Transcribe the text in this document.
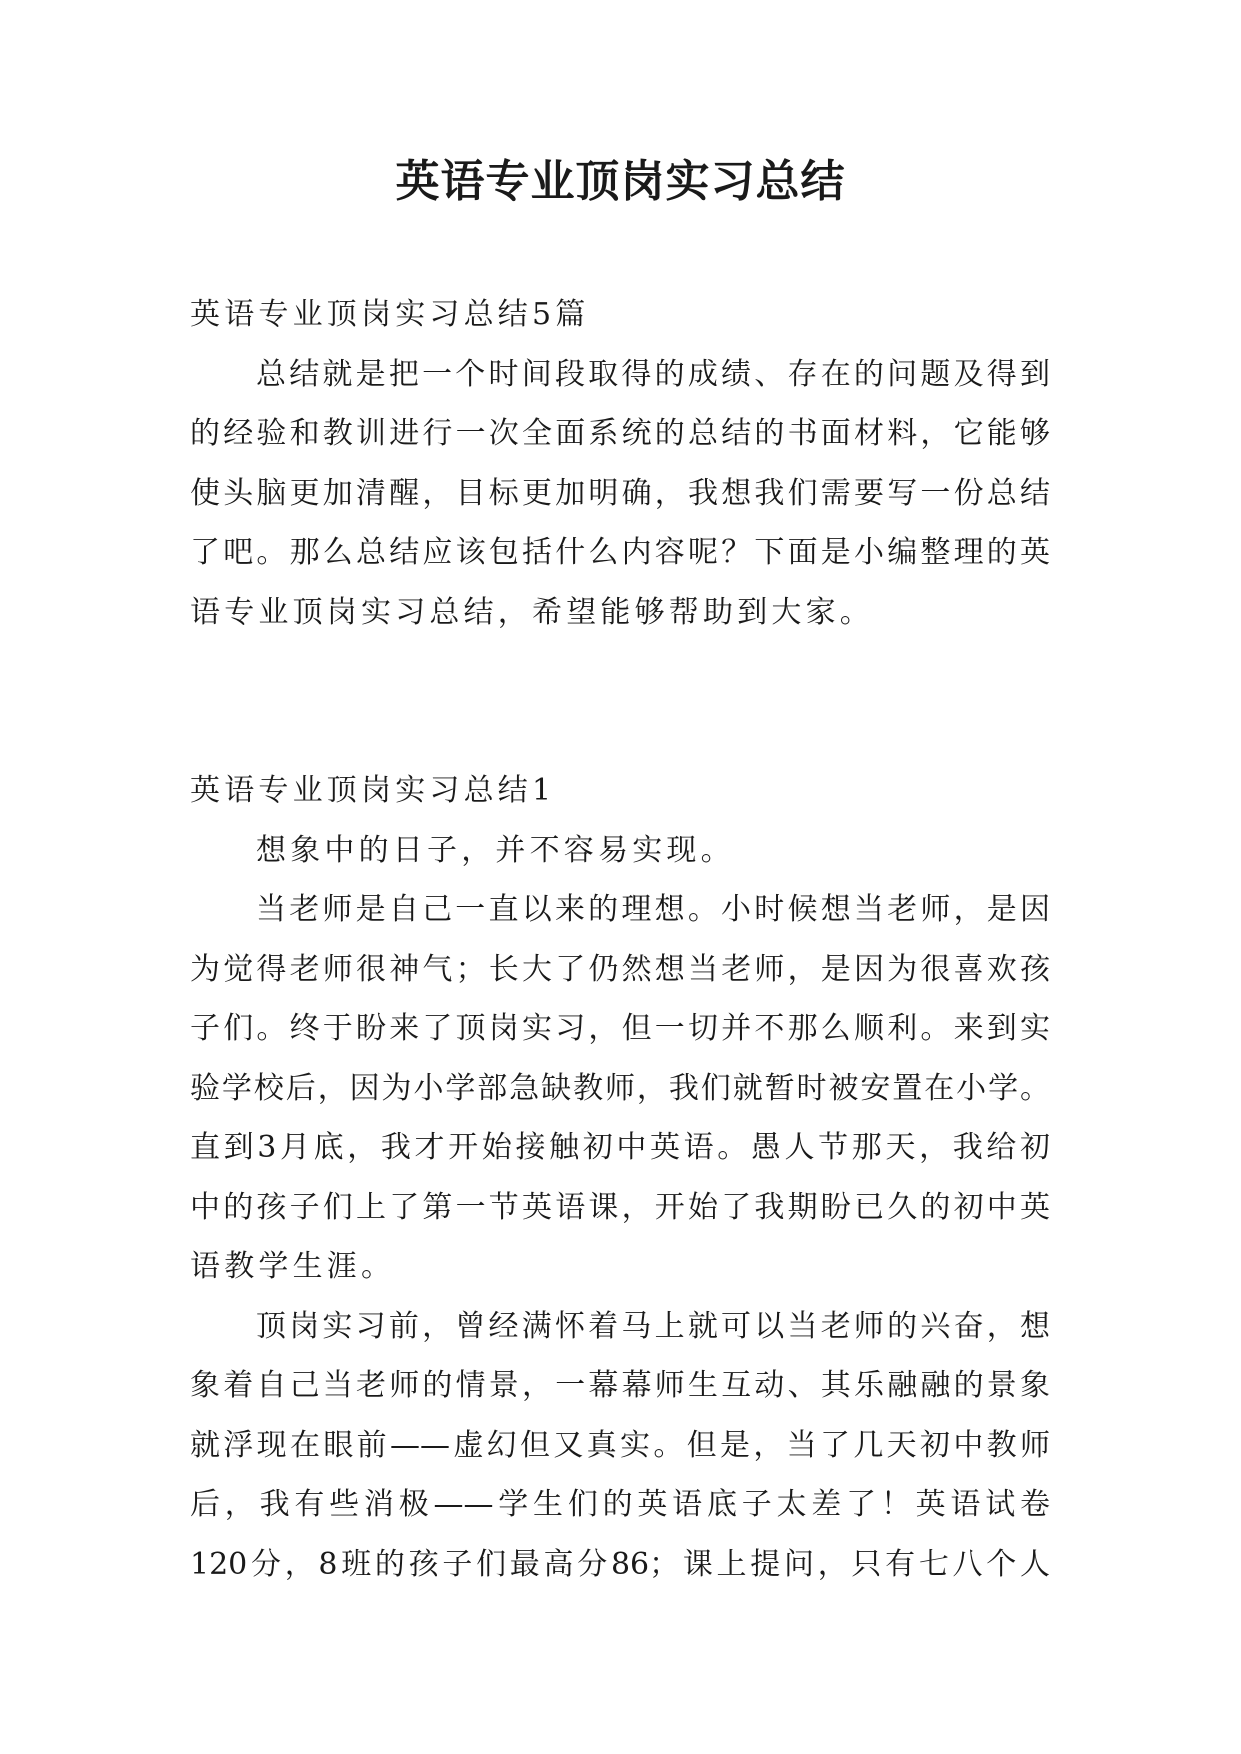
英语专业顶岗实习总结
英语专业顶岗实习总结5篇
总结就是把一个时间段取得的成绩、存在的问题及得到
的经验和教训进行一次全面系统的总结的书面材料，它能够
使头脑更加清醒，目标更加明确，我想我们需要写一份总结
了吧。那么总结应该包括什么内容呢？下面是小编整理的英
语专业顶岗实习总结，希望能够帮助到大家。
英语专业顶岗实习总结1
想象中的日子，并不容易实现。
当老师是自己一直以来的理想。小时候想当老师，是因
为觉得老师很神气；长大了仍然想当老师，是因为很喜欢孩
子们。终于盼来了顶岗实习，但一切并不那么顺利。来到实
验学校后，因为小学部急缺教师，我们就暂时被安置在小学。
直到3月底，我才开始接触初中英语。愚人节那天，我给初
中的孩子们上了第一节英语课，开始了我期盼已久的初中英
语教学生涯。
顶岗实习前，曾经满怀着马上就可以当老师的兴奋，想
象着自己当老师的情景，一幕幕师生互动、其乐融融的景象
就浮现在眼前——虚幻但又真实。但是，当了几天初中教师
后，我有些消极——学生们的英语底子太差了！英语试卷
120分，8班的孩子们最高分86；课上提问，只有七八个人
